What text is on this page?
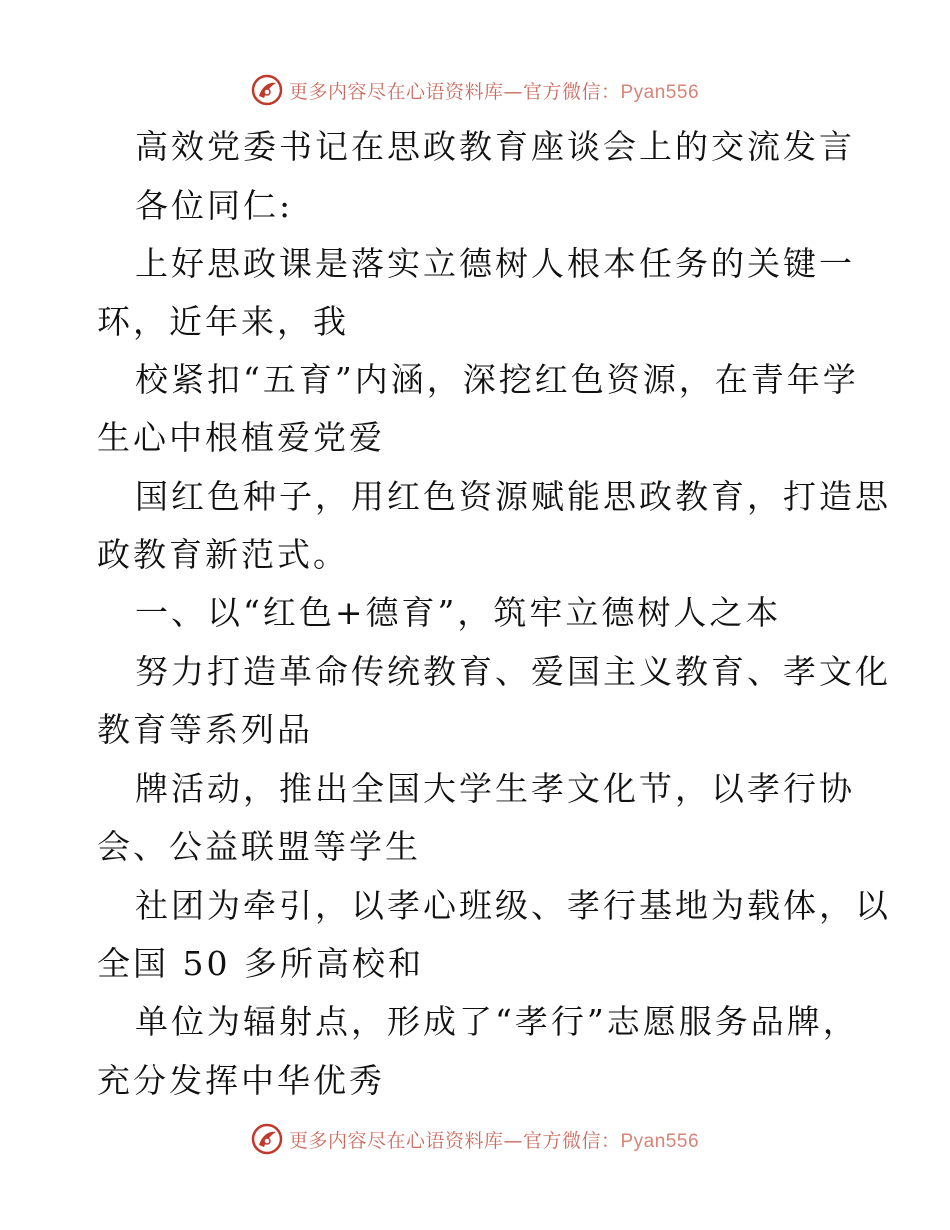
更多内容尽在心语资料库—官方微信：Pyan556
高效党委书记在思政教育座谈会上的交流发言
各位同仁:
上好思政课是落实立德树人根本任务的关键一
环，近年来，我
校紧扣“五育”内涵，深挖红色资源，在青年学
生心中根植爱党爱
国红色种子，用红色资源赋能思政教育，打造思
政教育新范式。
一、以“红色+德育”，筑牢立德树人之本
努力打造革命传统教育、爱国主义教育、孝文化
教育等系列品
牌活动，推出全国大学生孝文化节，以孝行协
会、公益联盟等学生
社团为牵引，以孝心班级、孝行基地为载体，以
全国 50 多所高校和
单位为辐射点，形成了“孝行”志愿服务品牌，
充分发挥中华优秀
更多内容尽在心语资料库—官方微信：Pyan556
